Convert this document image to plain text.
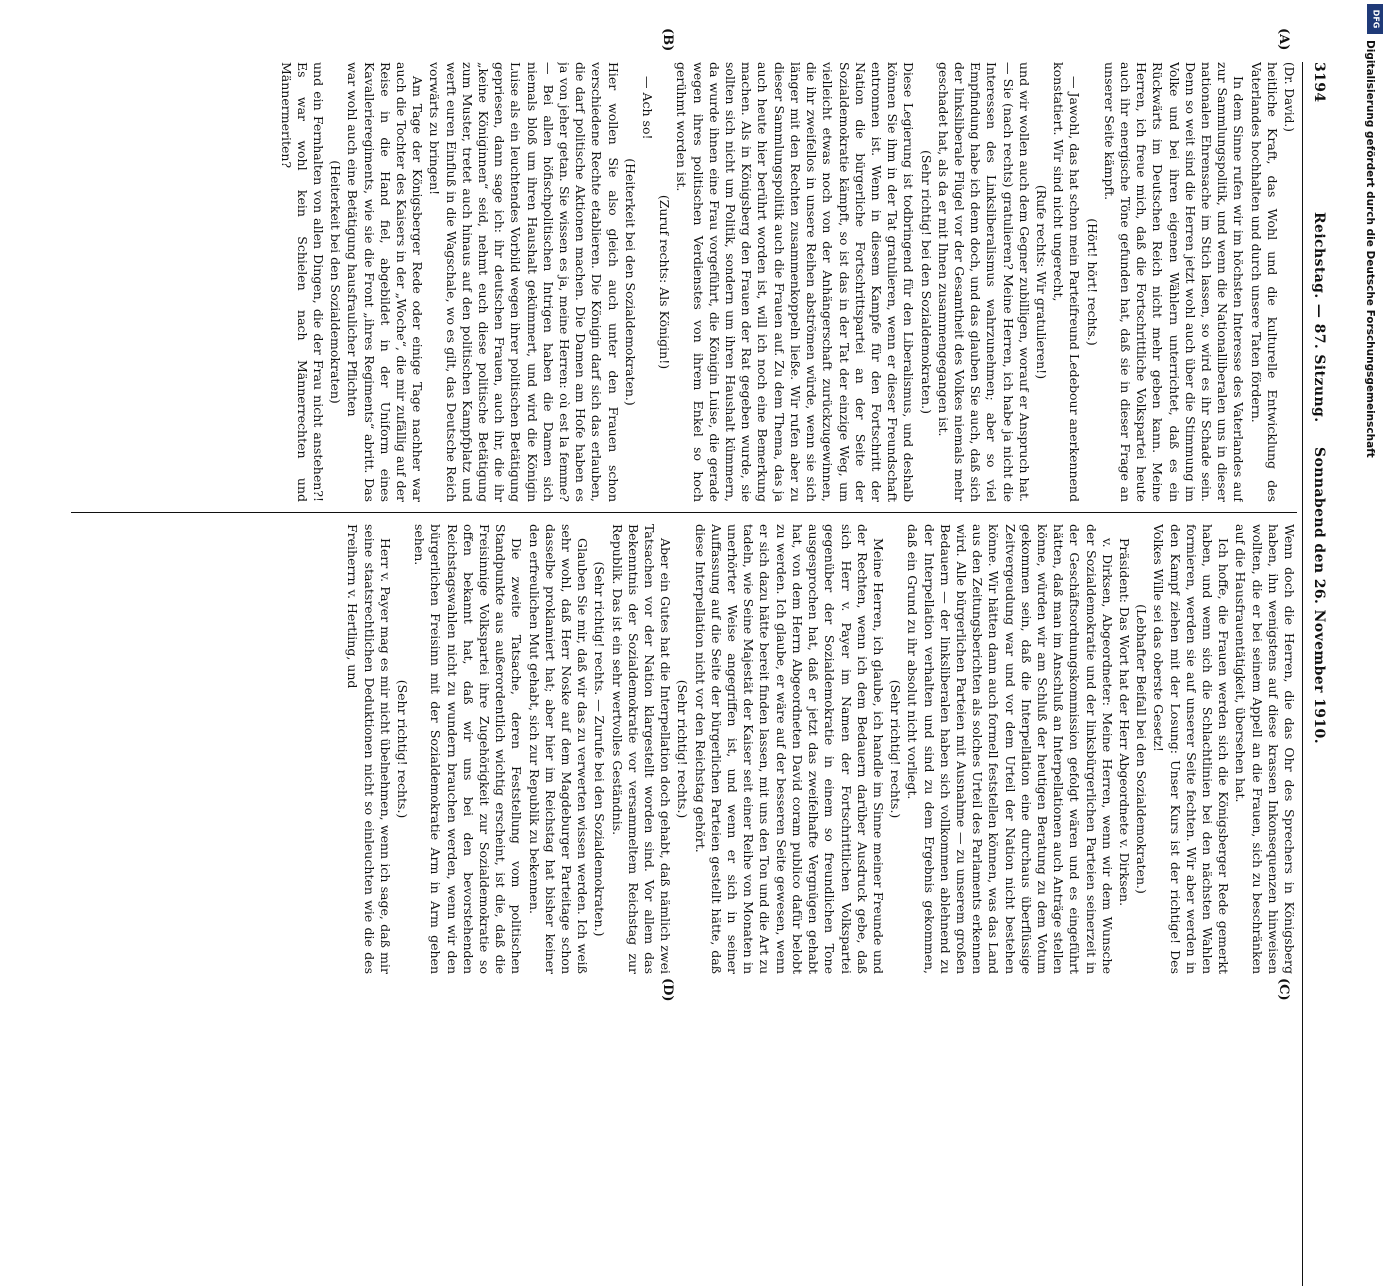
3194
Reichstag. — 87. Sitzung.
Sonnabend den 26. November 1910.
(A)
(B)
(C)
(D)

(Dr. David.)

heitliche Kraft, das Wohl und die kulturelle Entwicklung des Vaterlandes hochhalten und durch unsere Taten fördern.

In dem Sinne rufen wir im höchsten Interesse des Vaterlandes auf zur Sammlungspolitik, und wenn die Nationalliberalen uns in dieser nationalen Ehrensache im Stich lassen, so wird es ihr Schade sein. Denn so weit sind die Herren jetzt wohl auch über die Stimmung im Volke und bei ihren eigenen Wählern unterrichtet, daß es ein Rückwärts im Deutschen Reich nicht mehr geben kann. Meine Herren, ich freue mich, daß die Fortschrittliche Volkspartei heute auch ihr energische Töne gefunden hat, daß sie in dieser Frage an unserer Seite kämpft.

(Hört! hört! rechts.)

— Jawohl, das hat schon mein Parteifreund Ledebour anerkennend konstatiert. Wir sind nicht ungerecht,

(Rufe rechts: Wir gratulieren!)

und wir wollen auch dem Gegner zubilligen, worauf er Anspruch hat. — Sie (nach rechts) gratulieren? Meine Herren, ich habe ja nicht die Interessen des Linksliberalismus wahrzunehmen; aber so viel Empfindung habe ich denn doch, und das glauben Sie auch, daß sich der linksliberale Flügel vor der Gesamtheit des Volkes niemals mehr geschadet hat, als da er mit Ihnen zusammengegangen ist.

(Sehr richtig! bei den Sozialdemokraten.)

Diese Legierung ist todbringend für den Liberalismus, und deshalb können Sie ihm in der Tat gratulieren, wenn er dieser Freundschaft entronnen ist. Wenn in diesem Kampfe für den Fortschritt der Nation die bürgerliche Fortschrittspartei an der Seite der Sozialdemokratie kämpft, so ist das in der Tat der einzige Weg, um vielleicht etwas noch von der Anhängerschaft zurückzugewinnen, die ihr zweifellos in unsere Reihen abströmen würde, wenn sie sich länger mit den Rechten zusammenkoppeln ließe. Wir rufen aber zu dieser Sammlungspolitik auch die Frauen auf. Zu dem Thema, das ja auch heute hier berührt worden ist, will ich noch eine Bemerkung machen. Als in Königsberg den Frauen der Rat gegeben wurde, sie sollten sich nicht um Politik, sondern um ihren Haushalt kümmern, da wurde ihnen eine Frau vorgeführt, die Königin Luise, die gerade wegen ihres politischen Verdienstes von ihrem Enkel so hoch gerühmt worden ist.

(Zuruf rechts: Als Königin!)

— Ach so!

(Heiterkeit bei den Sozialdemokraten.)

Hier wollen Sie also gleich auch unter den Frauen schon verschiedene Rechte etablieren. Die Königin darf sich das erlauben, die darf politische Aktionen machen. Die Damen am Hofe haben es ja von jeher getan. Sie wissen es ja, meine Herren: où est la femme? — Bei allen höfischpolitischen Intrigen haben die Damen sich niemals bloß um ihren Haushalt gekümmert, und wird die Königin Luise als ein leuchtendes Vorbild wegen ihrer politischen Betätigung gepriesen, dann sage ich: ihr deutschen Frauen, auch ihr, die ihr „keine Königinnen“ seid, nehmt euch diese politische Betätigung zum Muster, tretet auch hinaus auf den politischen Kampfplatz und werft euren Einfluß in die Wagschale, wo es gilt, das Deutsche Reich vorwärts zu bringen!

Am Tage der Königsberger Rede oder einige Tage nachher war auch die Tochter des Kaisers in der „Woche“, die mir zufällig auf der Reise in die Hand fiel, abgebildet in der Uniform eines Kavallerieregiments, wie sie die Front „ihres Regiments“ abritt. Das war wohl auch eine Betätigung hausfraulicher Pflichten

(Heiterkeit bei den Sozialdemokraten)

und ein Fernhalten von allen Dingen, die der Frau nicht anstehen?! Es war wohl kein Schielen nach Männerrechten und Männermeriten?

Wenn doch die Herren, die das Ohr des Sprechers in Königsberg haben, ihn wenigstens auf diese krassen Inkonsequenzen hinweisen wollten, die er bei seinem Appell an die Frauen, sich zu beschränken auf die Hausfrauentätigkeit, übersehen hat.

Ich hoffe, die Frauen werden sich die Königsberger Rede gemerkt haben, und wenn sich die Schlachtlinien bei den nächsten Wahlen formieren, werden sie auf unserer Seite fechten. Wir aber werden in den Kampf ziehen mit der Losung: Unser Kurs ist der richtige! Des Volkes Wille sei das oberste Gesetz!

(Lebhafter Beifall bei den Sozialdemokraten.)

Präsident: Das Wort hat der Herr Abgeordnete v. Dirksen.

v. Dirksen, Abgeordneter: Meine Herren, wenn wir dem Wunsche der Sozialdemokratie und der linksbürgerlichen Parteien seinerzeit in der Geschäftsordnungskommission gefolgt wären und es eingeführt hätten, daß man im Anschluß an Interpellationen auch Anträge stellen könne, würden wir am Schluß der heutigen Beratung zu dem Votum gekommen sein, daß die Interpellation eine durchaus überflüssige Zeitvergeudung war und vor dem Urteil der Nation nicht bestehen könne. Wir hätten dann auch formell feststellen können, was das Land aus den Zeitungsberichten als solches Urteil des Parlaments erkennen wird. Alle bürgerlichen Parteien mit Ausnahme — zu unserem großen Bedauern — der linksliberalen haben sich vollkommen ablehnend zu der Interpellation verhalten und sind zu dem Ergebnis gekommen, daß ein Grund zu ihr absolut nicht vorliegt.

(Sehr richtig! rechts.)

Meine Herren, ich glaube, ich handle im Sinne meiner Freunde und der Rechten, wenn ich dem Bedauern darüber Ausdruck gebe, daß sich Herr v. Payer im Namen der Fortschrittlichen Volkspartei gegenüber der Sozialdemokratie in einem so freundlichen Tone ausgesprochen hat, daß er jetzt das zweifelhafte Vergnügen gehabt hat, von dem Herrn Abgeordneten David coram publico dafür belobt zu werden. Ich glaube, er wäre auf der besseren Seite gewesen, wenn er sich dazu hätte bereit finden lassen, mit uns den Ton und die Art zu tadeln, wie Seine Majestät der Kaiser seit einer Reihe von Monaten in unerhörter Weise angegriffen ist, und wenn er sich in seiner Auffassung auf die Seite der bürgerlichen Parteien gestellt hätte, daß diese Interpellation nicht vor den Reichstag gehört.

(Sehr richtig! rechts.)

Aber ein Gutes hat die Interpellation doch gehabt, daß nämlich zwei Tatsachen vor der Nation klargestellt worden sind. Vor allem das Bekenntnis der Sozialdemokratie vor versammeltem Reichstag zur Republik. Das ist ein sehr wertvolles Geständnis.

(Sehr richtig! rechts. — Zurufe bei den Sozialdemokraten.)

Glauben Sie mir, daß wir das zu verwerten wissen werden. Ich weiß sehr wohl, daß Herr Noske auf dem Magdeburger Parteitage schon dasselbe proklamiert hat; aber hier im Reichstag hat bisher keiner den erfreulichen Mut gehabt, sich zur Republik zu bekennen.

Die zweite Tatsache, deren Feststellung vom politischen Standpunkte aus außerordentlich wichtig erscheint, ist die, daß die Freisinnige Volkspartei ihre Zugehörigkeit zur Sozialdemokratie so offen bekannt hat, daß wir uns bei den bevorstehenden Reichstagswahlen nicht zu wundern brauchen werden, wenn wir den bürgerlichen Freisinn mit der Sozialdemokratie Arm in Arm gehen sehen.

(Sehr richtig! rechts.)

Herr v. Payer mag es mir nicht übelnehmen, wenn ich sage, daß mir seine staatsrechtlichen Deduktionen nicht so einleuchten wie die des Freiherrn v. Hertling, und

Digitalisierung gefördert durch die Deutsche Forschungsgemeinschaft
DFG
